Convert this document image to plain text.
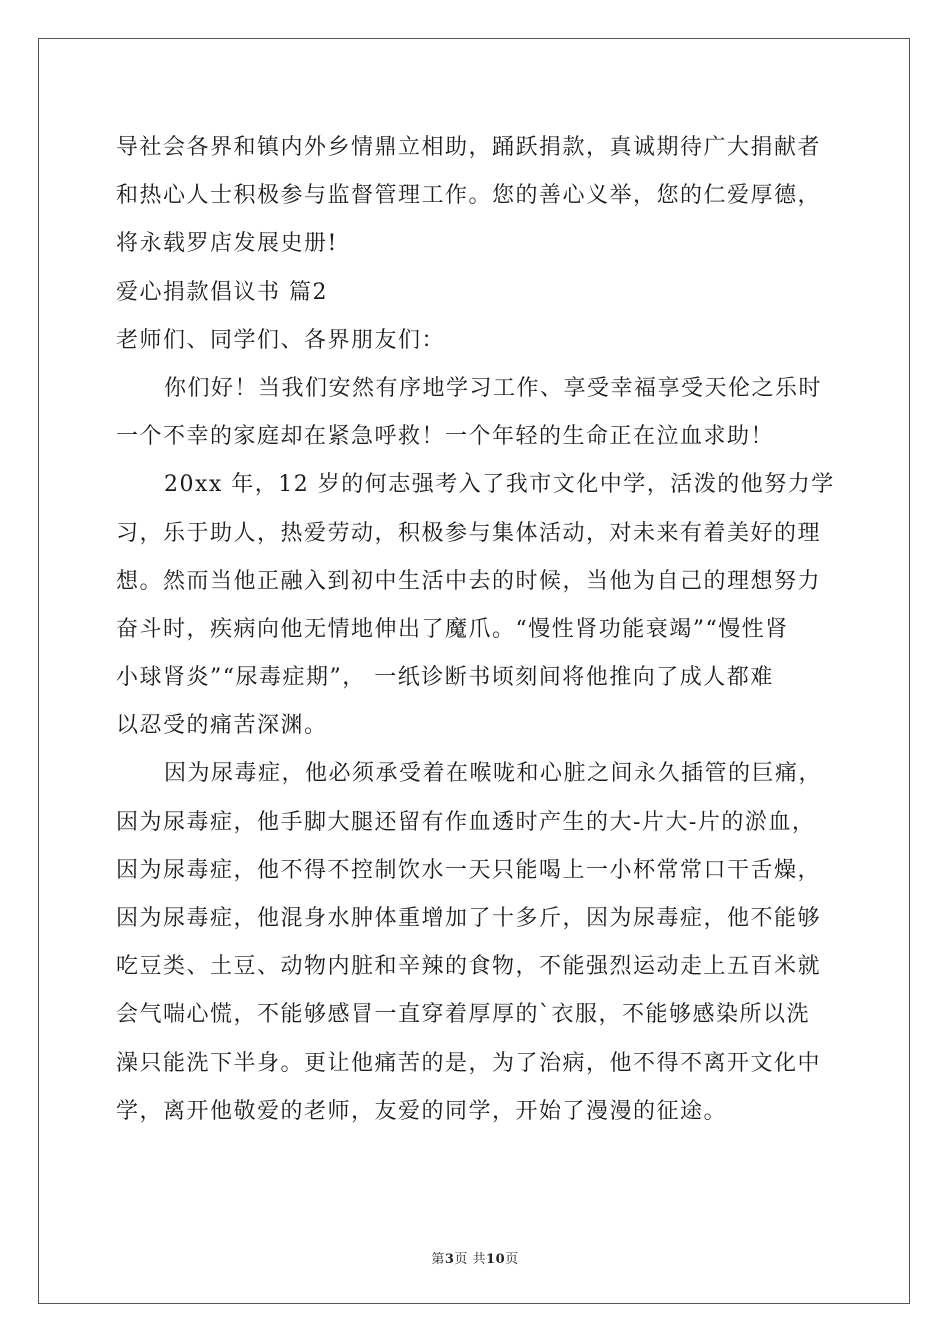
导社会各界和镇内外乡情鼎立相助，踊跃捐款，真诚期待广大捐献者
和热心人士积极参与监督管理工作。您的善心义举，您的仁爱厚德，
将永载罗店发展史册!
爱心捐款倡议书 篇2
老师们、同学们、各界朋友们：
你们好！当我们安然有序地学习工作、享受幸福享受天伦之乐时
一个不幸的家庭却在紧急呼救！一个年轻的生命正在泣血求助！
20xx 年，12 岁的何志强考入了我市文化中学，活泼的他努力学
习，乐于助人，热爱劳动，积极参与集体活动，对未来有着美好的理
想。然而当他正融入到初中生活中去的时候，当他为自己的理想努力
奋斗时，疾病向他无情地伸出了魔爪。“慢性肾功能衰竭”“慢性肾
小球肾炎”“尿毒症期”， 一纸诊断书顷刻间将他推向了成人都难
以忍受的痛苦深渊。
因为尿毒症，他必须承受着在喉咙和心脏之间永久插管的巨痛，
因为尿毒症，他手脚大腿还留有作血透时产生的大-片大-片的淤血，
因为尿毒症，他不得不控制饮水一天只能喝上一小杯常常口干舌燥，
因为尿毒症，他混身水肿体重增加了十多斤，因为尿毒症，他不能够
吃豆类、土豆、动物内脏和辛辣的食物，不能强烈运动走上五百米就
会气喘心慌，不能够感冒一直穿着厚厚的`衣服，不能够感染所以洗
澡只能洗下半身。更让他痛苦的是，为了治病，他不得不离开文化中
学，离开他敬爱的老师，友爱的同学，开始了漫漫的征途。
第3页 共10页
